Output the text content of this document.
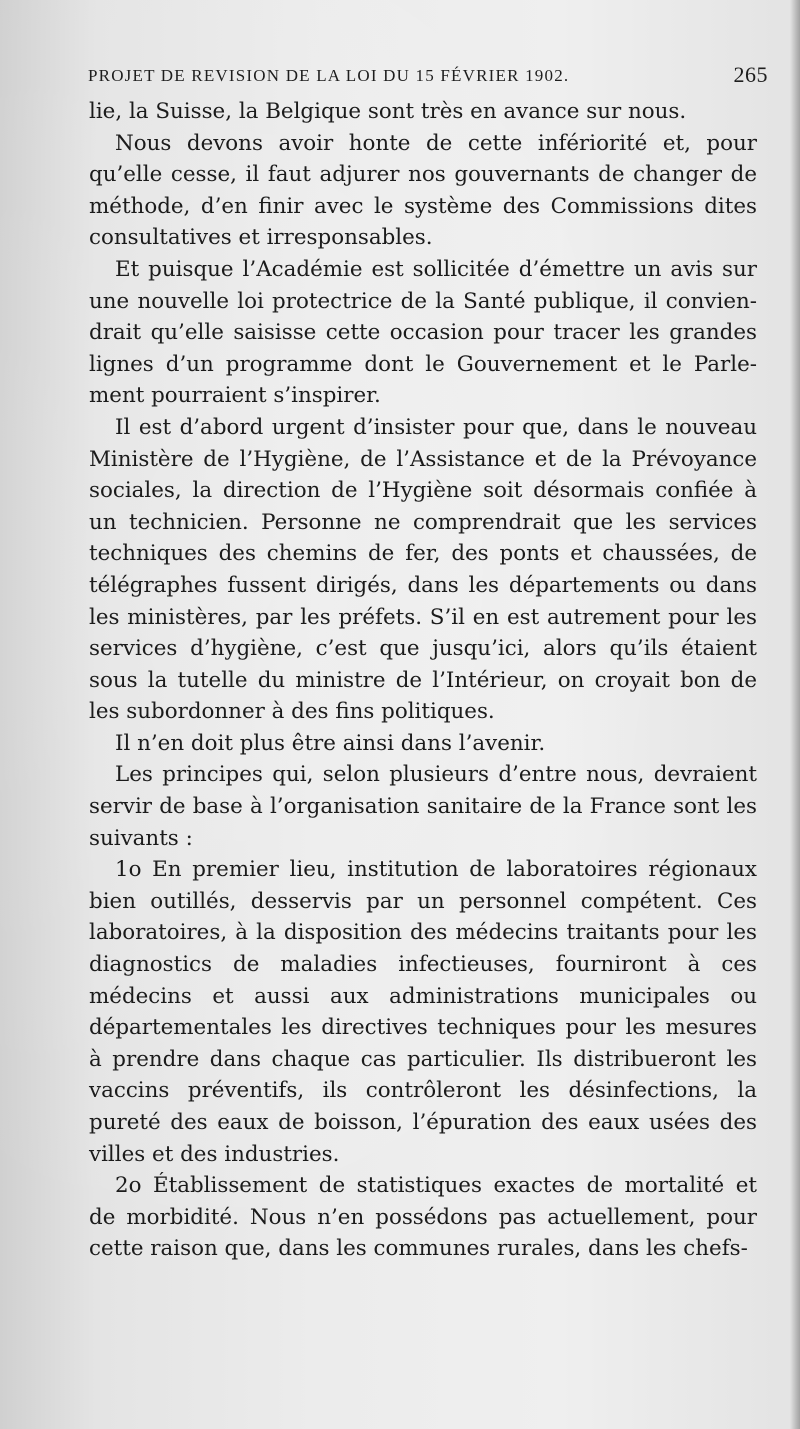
PROJET DE REVISION DE LA LOI DU 15 FÉVRIER 1902.	265

lie, la Suisse, la Belgique sont très en avance sur nous.

Nous devons avoir honte de cette infériorité et, pour qu’elle cesse, il faut adjurer nos gouvernants de changer de méthode, d’en finir avec le système des Commissions dites consultatives et irresponsables.

Et puisque l’Académie est sollicitée d’émettre un avis sur une nouvelle loi protectrice de la Santé publique, il conviendrait qu’elle saisisse cette occasion pour tracer les grandes lignes d’un programme dont le Gouvernement et le Parlement pourraient s’inspirer.

Il est d’abord urgent d’insister pour que, dans le nouveau Ministère de l’Hygiène, de l’Assistance et de la Prévoyance sociales, la direction de l’Hygiène soit désormais confiée à un technicien. Personne ne comprendrait que les services techniques des chemins de fer, des ponts et chaussées, de télégraphes fussent dirigés, dans les départements ou dans les ministères, par les préfets. S’il en est autrement pour les services d’hygiène, c’est que jusqu’ici, alors qu’ils étaient sous la tutelle du ministre de l’Intérieur, on croyait bon de les subordonner à des fins politiques.

Il n’en doit plus être ainsi dans l’avenir.

Les principes qui, selon plusieurs d’entre nous, devraient servir de base à l’organisation sanitaire de la France sont les suivants :

1o En premier lieu, institution de laboratoires régionaux bien outillés, desservis par un personnel compétent. Ces laboratoires, à la disposition des médecins traitants pour les diagnostics de maladies infectieuses, fourniront à ces médecins et aussi aux administrations municipales ou départementales les directives techniques pour les mesures à prendre dans chaque cas particulier. Ils distribueront les vaccins préventifs, ils contrôleront les désinfections, la pureté des eaux de boisson, l’épuration des eaux usées des villes et des industries.

2o Établissement de statistiques exactes de mortalité et de morbidité. Nous n’en possédons pas actuellement, pour cette raison que, dans les communes rurales, dans les chefs-
